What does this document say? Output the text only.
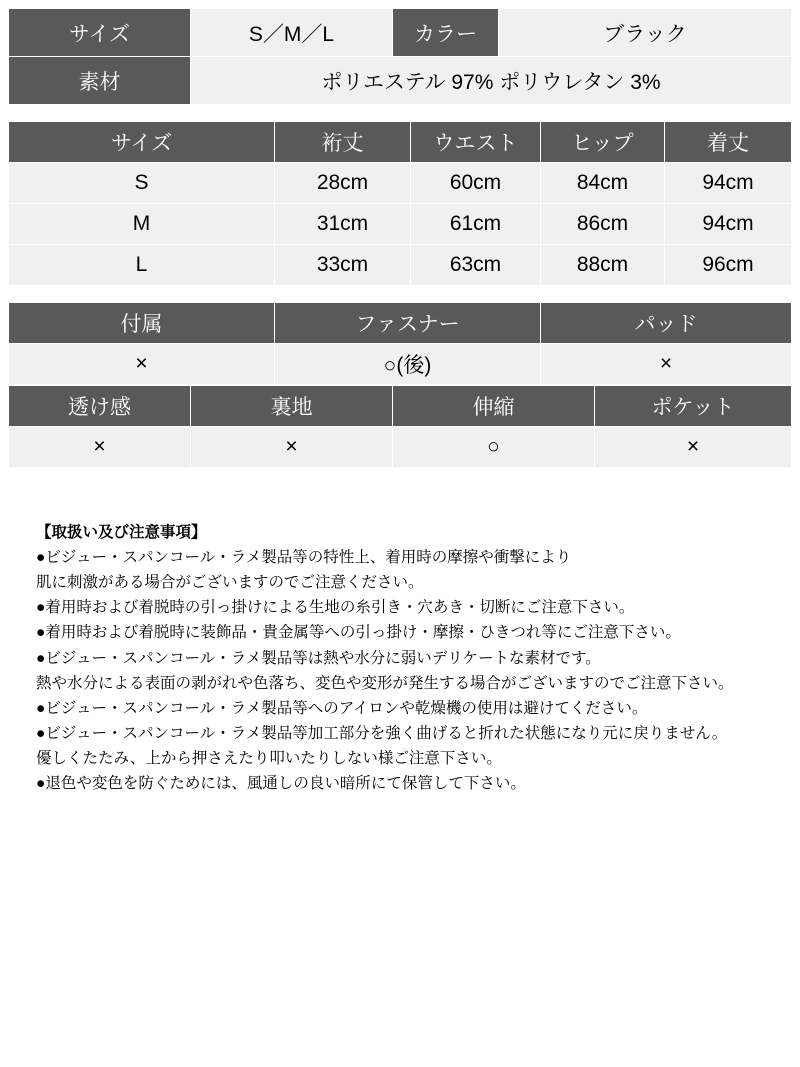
サイズ	S／M／L	カラー	ブラック
素材	ポリエステル 97% ポリウレタン 3%		
サイズ	裄丈	ウエスト	ヒップ	着丈
S	28cm	60cm	84cm	94cm
M	31cm	61cm	86cm	94cm
L	33cm	63cm	88cm	96cm
付属	ファスナー	パッド
×	○(後)	×
透け感	裏地	伸縮	ポケット
×	×	○	×
【取扱い及び注意事項】
●ビジュー・スパンコール・ラメ製品等の特性上、着用時の摩擦や衝撃により
肌に刺激がある場合がございますのでご注意ください。
●着用時および着脱時の引っ掛けによる生地の糸引き・穴あき・切断にご注意下さい。
●着用時および着脱時に装飾品・貴金属等への引っ掛け・摩擦・ひきつれ等にご注意下さい。
●ビジュー・スパンコール・ラメ製品等は熱や水分に弱いデリケートな素材です。
熱や水分による表面の剥がれや色落ち、変色や変形が発生する場合がございますのでご注意下さい。
●ビジュー・スパンコール・ラメ製品等へのアイロンや乾燥機の使用は避けてください。
●ビジュー・スパンコール・ラメ製品等加工部分を強く曲げると折れた状態になり元に戻りません。
優しくたたみ、上から押さえたり叩いたりしない様ご注意下さい。
●退色や変色を防ぐためには、風通しの良い暗所にて保管して下さい。
